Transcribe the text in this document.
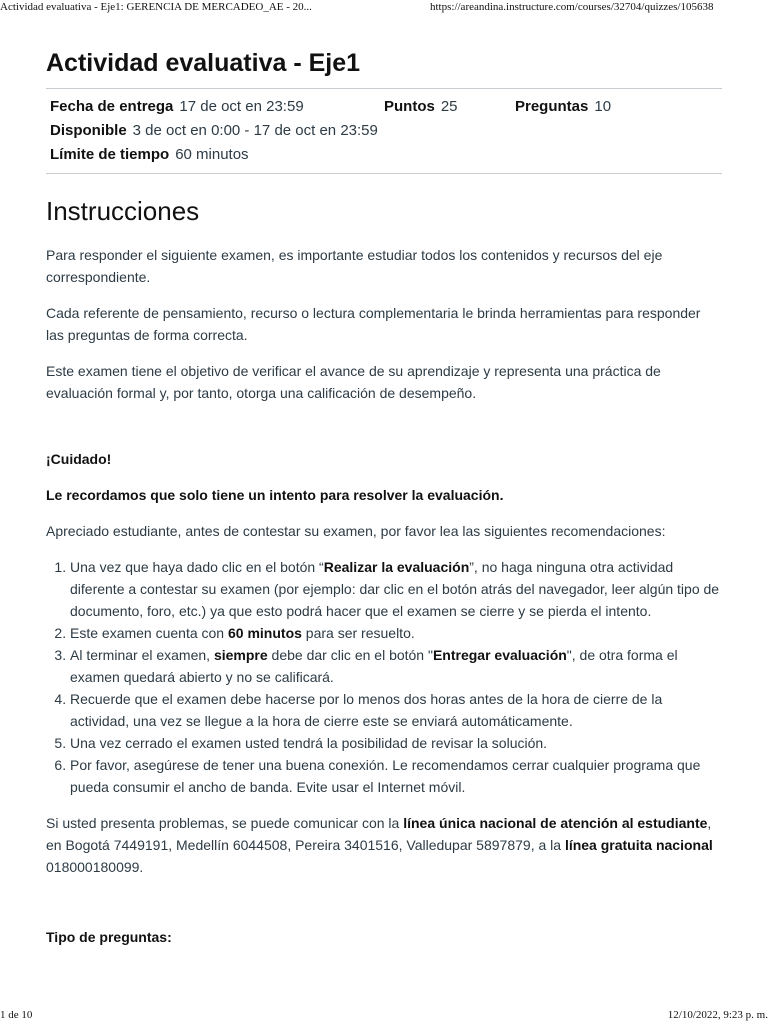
Actividad evaluativa - Eje1: GERENCIA DE MERCADEO_AE - 20...	https://areandina.instructure.com/courses/32704/quizzes/105638
Actividad evaluativa - Eje1
Fecha de entrega 17 de oct en 23:59	Puntos 25	Preguntas 10
Disponible 3 de oct en 0:00 - 17 de oct en 23:59
Límite de tiempo 60 minutos
Instrucciones

Para responder el siguiente examen, es importante estudiar todos los contenidos y recursos del eje correspondiente.

Cada referente de pensamiento, recurso o lectura complementaria le brinda herramientas para responder las preguntas de forma correcta.

Este examen tiene el objetivo de verificar el avance de su aprendizaje y representa una práctica de evaluación formal y, por tanto, otorga una calificación de desempeño.

¡Cuidado!

Le recordamos que solo tiene un intento para resolver la evaluación.

Apreciado estudiante, antes de contestar su examen, por favor lea las siguientes recomendaciones:

1. Una vez que haya dado clic en el botón “Realizar la evaluación”, no haga ninguna otra actividad diferente a contestar su examen (por ejemplo: dar clic en el botón atrás del navegador, leer algún tipo de documento, foro, etc.) ya que esto podrá hacer que el examen se cierre y se pierda el intento.
2. Este examen cuenta con 60 minutos para ser resuelto.
3. Al terminar el examen, siempre debe dar clic en el botón "Entregar evaluación", de otra forma el examen quedará abierto y no se calificará.
4. Recuerde que el examen debe hacerse por lo menos dos horas antes de la hora de cierre de la actividad, una vez se llegue a la hora de cierre este se enviará automáticamente.
5. Una vez cerrado el examen usted tendrá la posibilidad de revisar la solución.
6. Por favor, asegúrese de tener una buena conexión. Le recomendamos cerrar cualquier programa que pueda consumir el ancho de banda. Evite usar el Internet móvil.

Si usted presenta problemas, se puede comunicar con la línea única nacional de atención al estudiante, en Bogotá 7449191, Medellín 6044508, Pereira 3401516, Valledupar 5897879, a la línea gratuita nacional 018000180099.

Tipo de preguntas:

1 de 10	12/10/2022, 9:23 p. m.
